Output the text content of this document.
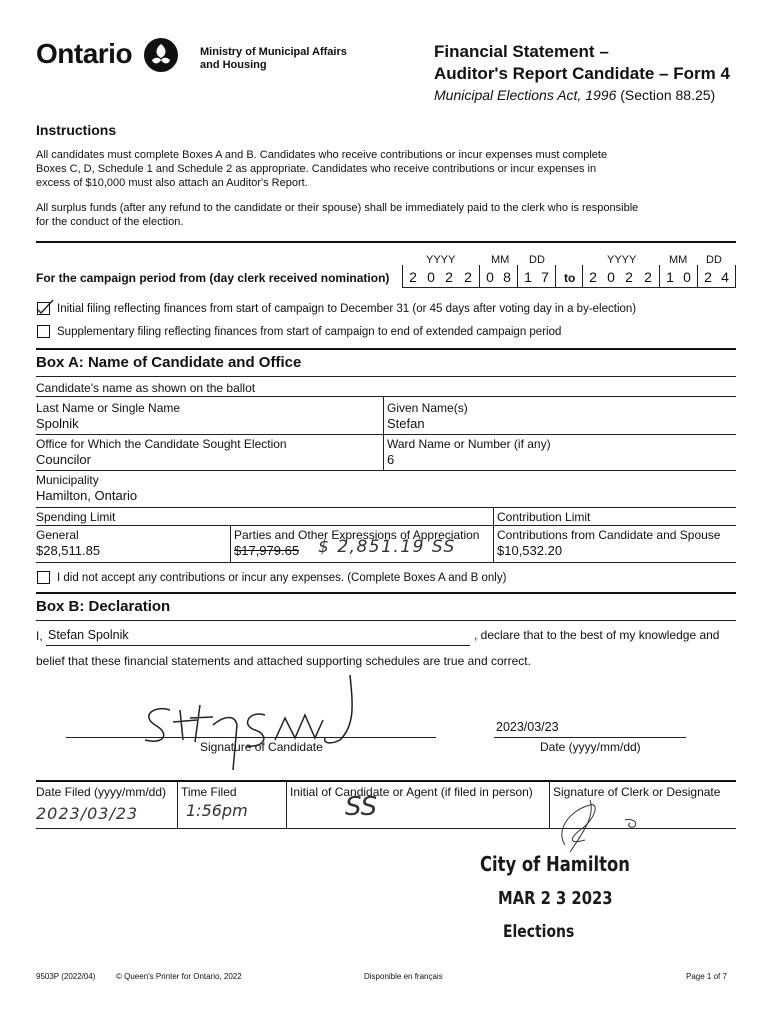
Ontario	Ministry of Municipal Affairs
and Housing
Financial Statement –
Auditor's Report Candidate – Form 4
Municipal Elections Act, 1996 (Section 88.25)
Instructions
All candidates must complete Boxes A and B. Candidates who receive contributions or incur expenses must complete
Boxes C, D, Schedule 1 and Schedule 2 as appropriate. Candidates who receive contributions or incur expenses in
excess of $10,000 must also attach an Auditor's Report.
All surplus funds (after any refund to the candidate or their spouse) shall be immediately paid to the clerk who is responsible
for the conduct of the election.
YYYY	MM DD	YYYY	MM DD
For the campaign period from (day clerk received nomination) 2 0 2 2 0 8 1 7	to 2 0 2 2 1 0 2 4
Initial filing reflecting finances from start of campaign to December 31 (or 45 days after voting day in a by-election)
Supplementary filing reflecting finances from start of campaign to end of extended campaign period
Box A: Name of Candidate and Office
Candidate's name as shown on the ballot
Last Name or Single Name
Spolnik
Given Name(s)
Stefan
Office for Which the Candidate Sought Election
Councilor
Ward Name or Number (if any)
6
Municipality
Hamilton, Ontario
Spending Limit	Contribution Limit
General
$28,511.85
Parties and Other Expressions of Appreciation
$17,979.65 $ 2,851.19 SS
Contributions from Candidate and Spouse
$10,532.20
I did not accept any contributions or incur any expenses. (Complete Boxes A and B only)
Box B: Declaration
I, Stefan Spolnik	, declare that to the best of my knowledge and
belief that these financial statements and attached supporting schedules are true and correct.
Signature of Candidate
2023/03/23
Date (yyyy/mm/dd)
Date Filed (yyyy/mm/dd)
2023/03/23
Time Filed
1:56pm
Initial of Candidate or Agent (if filed in person)
SS	Signature of Clerk or Designate
City of Hamilton
MAR 2 3 2023
Elections
9503P (2022/04)	© Queen's Printer for Ontario, 2022	Disponible en français	Page 1 of 7
